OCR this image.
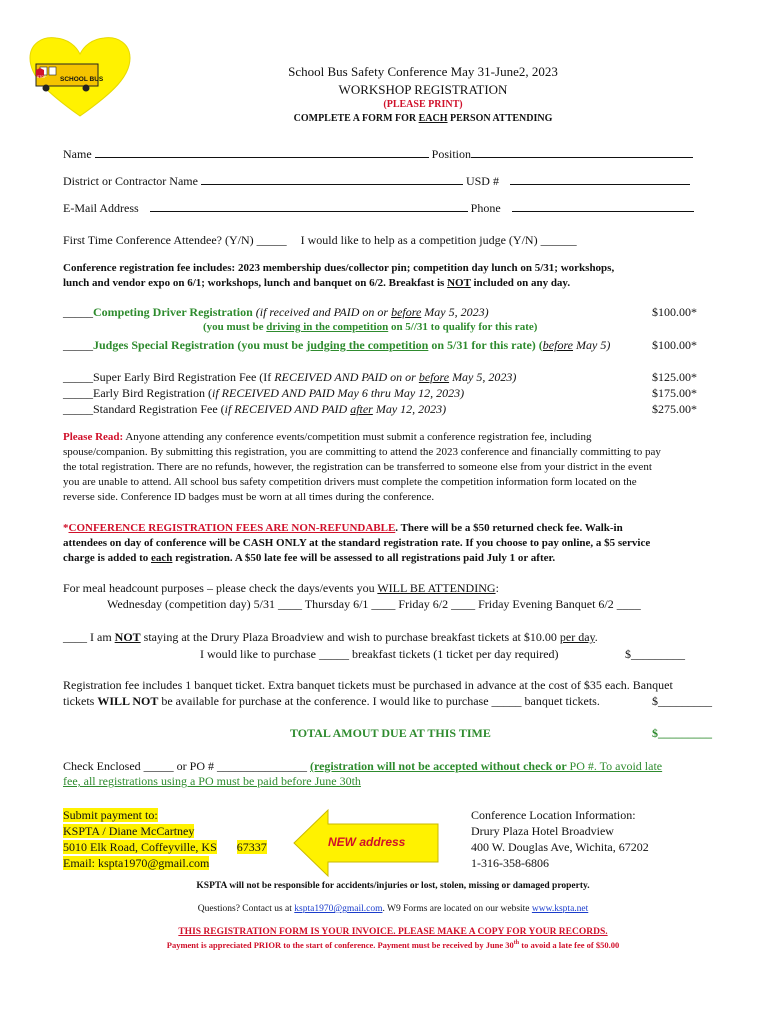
SCHOOL BUS
STOP	School Bus Safety Conference May 31-June2, 2023
WORKSHOP REGISTRATION
(PLEASE PRINT)
COMPLETE A FORM FOR EACH PERSON ATTENDING
Name	Position
District or Contractor Name	USD #
E-Mail Address	Phone
First Time Conference Attendee? (Y/N) _____ I would like to help as a competition judge (Y/N) ______
Conference registration fee includes: 2023 membership dues/collector pin; competition day lunch on 5/31; workshops,
lunch and vendor expo on 6/1; workshops, lunch and banquet on 6/2. Breakfast is NOT included on any day.
_____Competing Driver Registration (if received and PAID on or before May 5, 2023)	$100.00*
(you must be driving in the competition on 5//31 to qualify for this rate)
_____Judges Special Registration (you must be judging the competition on 5/31 for this rate) (before May 5)	$100.00*
_____Super Early Bird Registration Fee (If RECEIVED AND PAID on or before May 5, 2023)	$125.00*
_____Early Bird Registration (if RECEIVED AND PAID May 6 thru May 12, 2023)	$175.00*
_____Standard Registration Fee (if RECEIVED AND PAID after May 12, 2023)	$275.00*
Please Read: Anyone attending any conference events/competition must submit a conference registration fee, including
spouse/companion. By submitting this registration, you are committing to attend the 2023 conference and financially committing to pay
the total registration. There are no refunds, however, the registration can be transferred to someone else from your district in the event
you are unable to attend. All school bus safety competition drivers must complete the competition information form located on the
reverse side. Conference ID badges must be worn at all times during the conference.
*CONFERENCE REGISTRATION FEES ARE NON-REFUNDABLE. There will be a $50 returned check fee. Walk-in
attendees on day of conference will be CASH ONLY at the standard registration rate. If you choose to pay online, a $5 service
charge is added to each registration. A $50 late fee will be assessed to all registrations paid July 1 or after.
For meal headcount purposes – please check the days/events you WILL BE ATTENDING:
Wednesday (competition day) 5/31 ____ Thursday 6/1 ____ Friday 6/2 ____ Friday Evening Banquet 6/2 ____
____ I am NOT staying at the Drury Plaza Broadview and wish to purchase breakfast tickets at $10.00 per day.
I would like to purchase _____ breakfast tickets (1 ticket per day required)	$_________
Registration fee includes 1 banquet ticket. Extra banquet tickets must be purchased in advance at the cost of $35 each. Banquet
tickets WILL NOT be available for purchase at the conference. I would like to purchase _____ banquet tickets.	$_________
TOTAL AMOUT DUE AT THIS TIME	$_________
Check Enclosed _____ or PO # _______________ (registration will not be accepted without check or PO #. To avoid late
fee, all registrations using a PO must be paid before June 30th
Submit payment to:
KSPTA / Diane McCartney
5010 Elk Road, Coffeyville, KS 67337
Email: kspta1970@gmail.com
NEW address
Conference Location Information:
Drury Plaza Hotel Broadview
400 W. Douglas Ave, Wichita, 67202
1-316-358-6806
KSPTA will not be responsible for accidents/injuries or lost, stolen, missing or damaged property.
Questions? Contact us at kspta1970@gmail.com. W9 Forms are located on our website www.kspta.net
THIS REGISTRATION FORM IS YOUR INVOICE. PLEASE MAKE A COPY FOR YOUR RECORDS.
Payment is appreciated PRIOR to the start of conference. Payment must be received by June 30th to avoid a late fee of $50.00
